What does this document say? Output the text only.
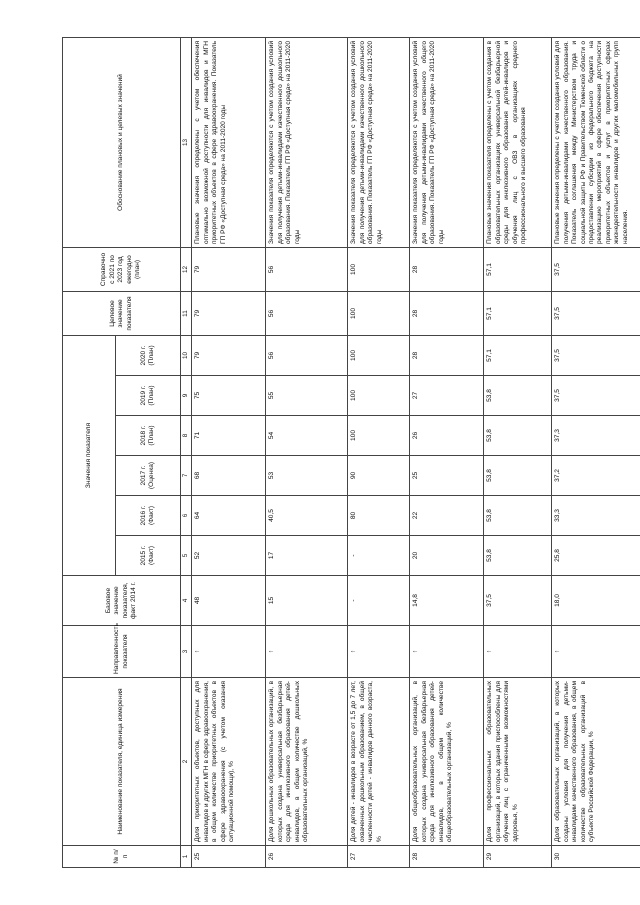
№ п/п	Наименование показателя, единица измерения	Направленность показателя	Базовое значение показателя, факт 2014 г.	Значения показателя						Целевое значение показателя	Справочно с 2021 по 2023 год ежегодно (план)	Обоснование плановых и целевых значений
				2015 г. (Факт)	2016 г. (Факт)	2017 г. (Оценка)	2018 г. (План)	2019 г. (План)	2020 г. (План)			
1	2	3	4	5	6	7	8	9	10	11	12	13
25	Доля приоритетных объектов, доступных для инвалидов и других МГН в сфере здравоохранения, в общем количестве приоритетных объектов в сфере здравоохранения (с учетом оказания ситуационной помощи), %	↑	48	52	64	68	71	75	79	79	79	Плановые значения определены с учетом обеспечения оптимально возможной доступности для инвалидов и МГН приоритетных объектов в сфере здравоохранения. Показатель ГП РФ «Доступная среда» на 2011-2020 годы
26	Доля дошкольных образовательных организаций, в которых создана универсальная безбарьерная среда для инклюзивного образования детей-инвалидов, в общем количестве дошкольных образовательных организаций, %	↑	15	17	40,5	53	54	55	56	56	56	Значения показателя определяются с учетом создания условий для получения детьми-инвалидами качественного дошкольного образования. Показатель ГП РФ «Доступная среда» на 2011-2020 годы
27	Доля детей - инвалидов в возрасте от 1,5 до 7 лет, охваченных дошкольным образованием, в общей численности детей - инвалидов данного возраста, %	↑	-	-	80	90	100	100	100	100	100	Значения показателя определяются с учетом создания условий для получения детьми-инвалидами качественного дошкольного образования. Показатель ГП РФ «Доступная среда» на 2011-2020 годы
28	Доля общеобразовательных организаций, в которых создана универсальная безбарьерная среда для инклюзивного образования детей-инвалидов, в общем количестве общеобразовательных организаций, %	↑	14,8	20	22	25	26	27	28	28	28	Значения показателя определяются с учетом создания условий для получения детьми-инвалидами качественного общего образования. Показатель ГП РФ «Доступная среда» на 2011-2020 годы
29	Доля профессиональных образовательных организаций, в которых здания приспособлены для обучения лиц с ограниченными возможностями здоровья, %	↑	37,5	53,8	53,8	53,8	53,8	53,8	57,1	57,1	57,1	Плановые значения показателя определены с учетом создания в образовательных организациях универсальной безбарьерной среды для инклюзивного образования детей-инвалидов и обучения лиц с ОВЗ в организациях среднего профессионального и высшего образования
30	Доля образовательных организаций, в которых созданы условия для получения детьми-инвалидами качественного образования, в общем количестве образовательных организаций в субъекте Российской Федерации, %	↑	18,0	25,8	33,3	37,2	37,3	37,5	37,5	37,5	37,5	Плановые значения определены с учетом создания условий для получения детьми-инвалидами качественного образования. Показатель соглашения между Министерством труда и социальной защиты РФ и Правительством Тюменской области о предоставлении субсидии из федерального бюджета на реализацию мероприятий в сфере обеспечения доступности приоритетных объектов и услуг в приоритетных сферах жизнедеятельности инвалидов и других маломобильных групп населения.
